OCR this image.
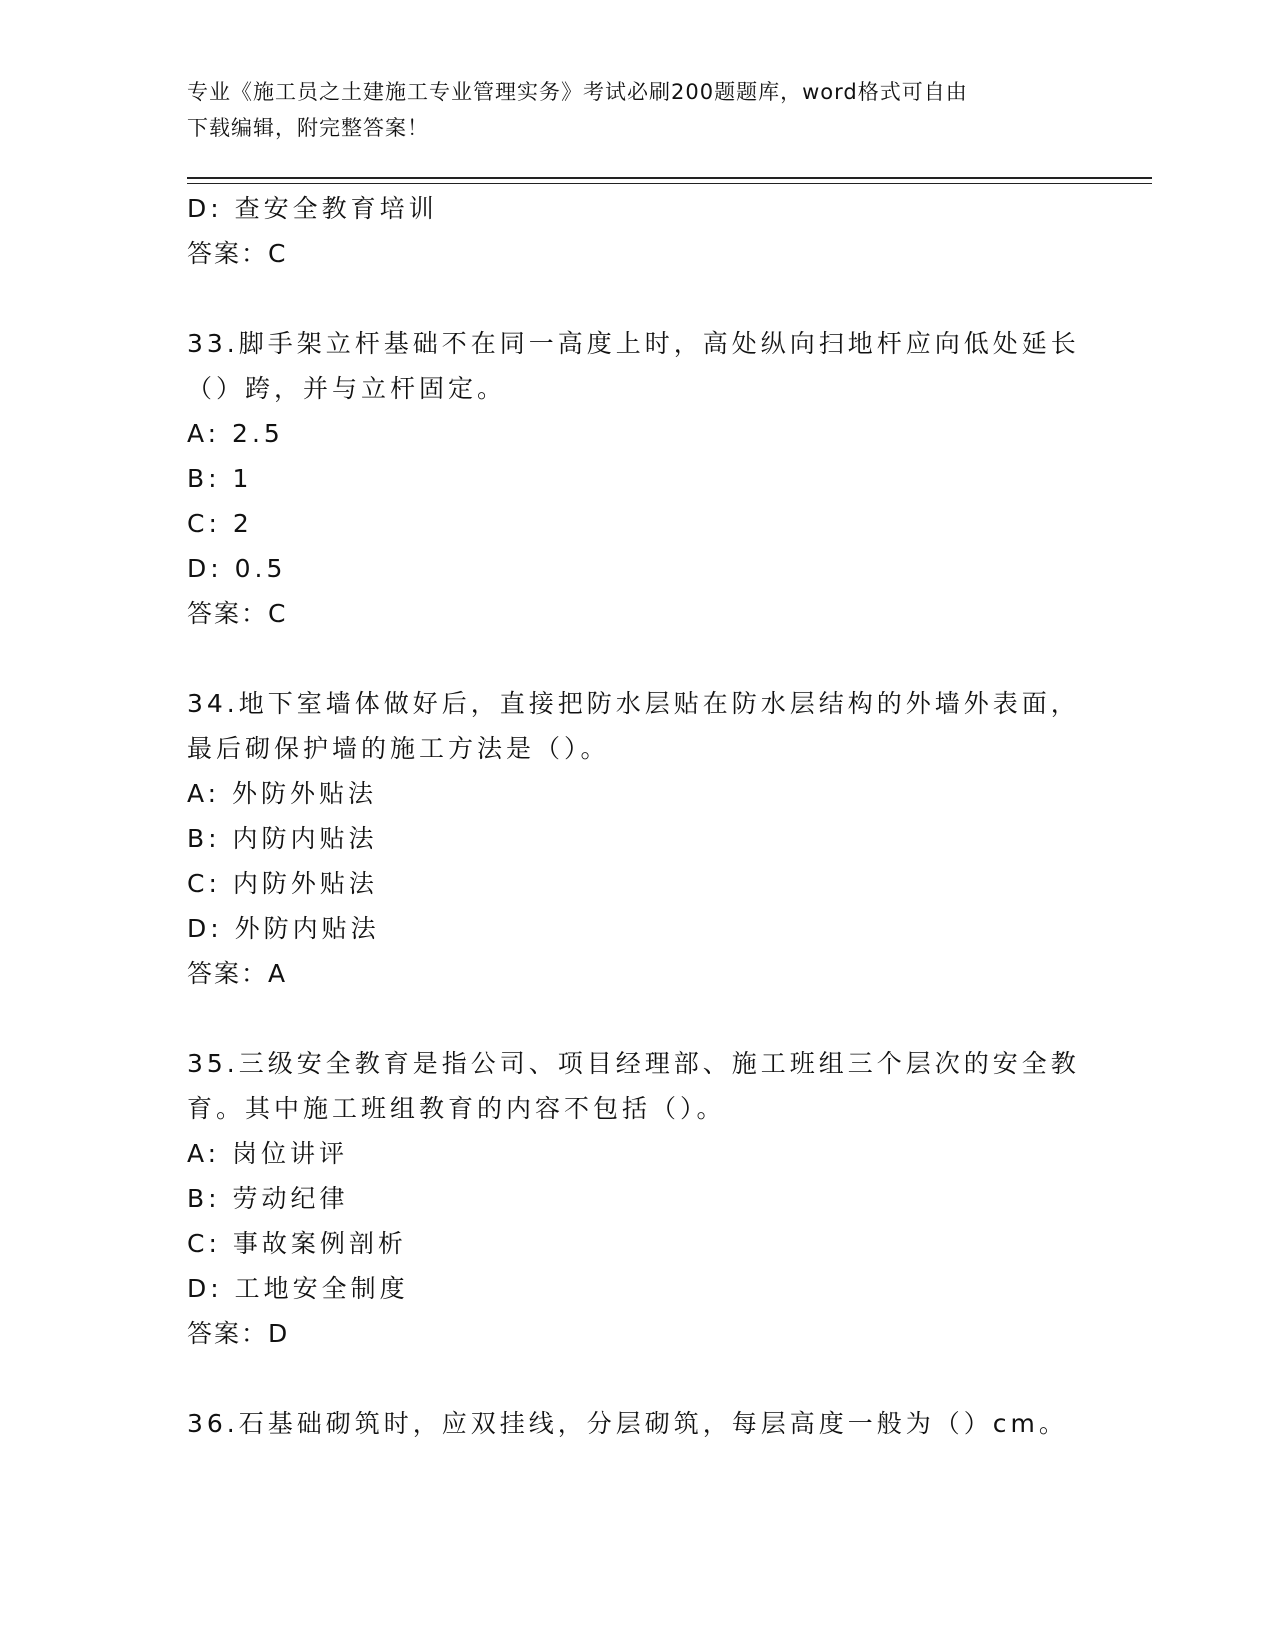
专业《施工员之土建施工专业管理实务》考试必刷200题题库，word格式可自由
下载编辑，附完整答案！
D: 查安全教育培训
答案：C
33.脚手架立杆基础不在同一高度上时，高处纵向扫地杆应向低处延长
（）跨，并与立杆固定。
A: 2.5
B: 1
C: 2
D: 0.5
答案：C
34.地下室墙体做好后，直接把防水层贴在防水层结构的外墙外表面，
最后砌保护墙的施工方法是（）。
A: 外防外贴法
B: 内防内贴法
C: 内防外贴法
D: 外防内贴法
答案：A
35.三级安全教育是指公司、项目经理部、施工班组三个层次的安全教
育。其中施工班组教育的内容不包括（）。
A: 岗位讲评
B: 劳动纪律
C: 事故案例剖析
D: 工地安全制度
答案：D
36.石基础砌筑时，应双挂线，分层砌筑，每层高度一般为（）cm。
